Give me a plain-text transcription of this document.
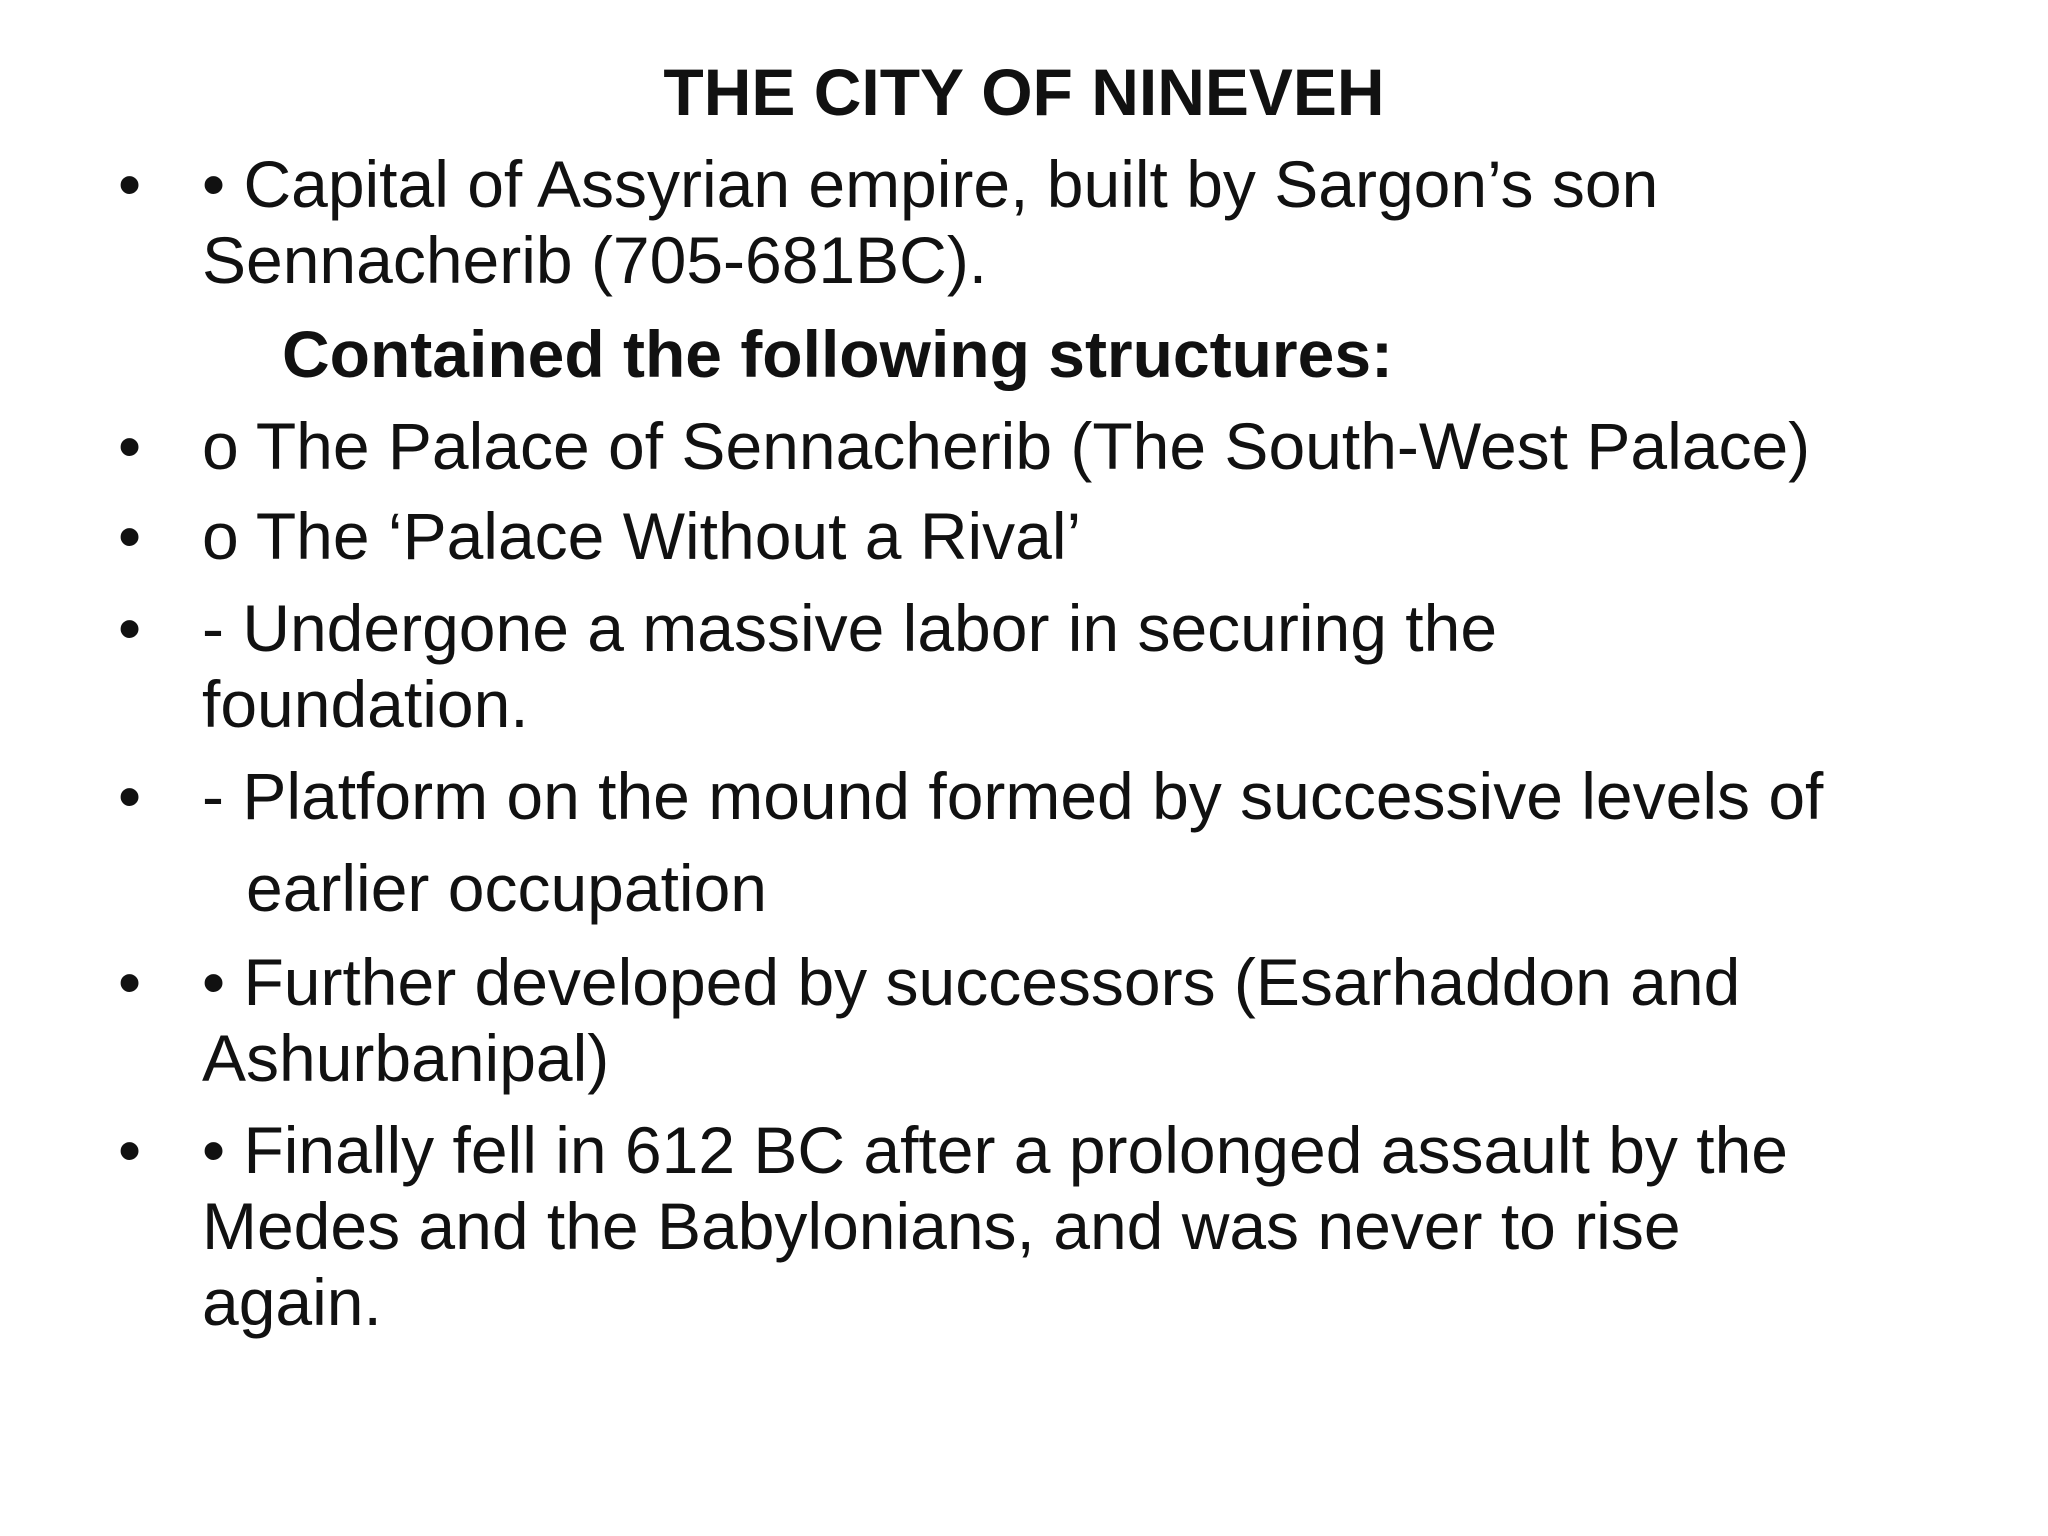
THE CITY OF NINEVEH
• • Capital of Assyrian empire, built by Sargon’s son
Sennacherib (705-681BC).
Contained the following structures:
• o The Palace of Sennacherib (The South-West Palace)
• o The ‘Palace Without a Rival’
• - Undergone a massive labor in securing the
foundation.
• - Platform on the mound formed by successive levels of
earlier occupation
• • Further developed by successors (Esarhaddon and
Ashurbanipal)
• • Finally fell in 612 BC after a prolonged assault by the
Medes and the Babylonians, and was never to rise
again.
